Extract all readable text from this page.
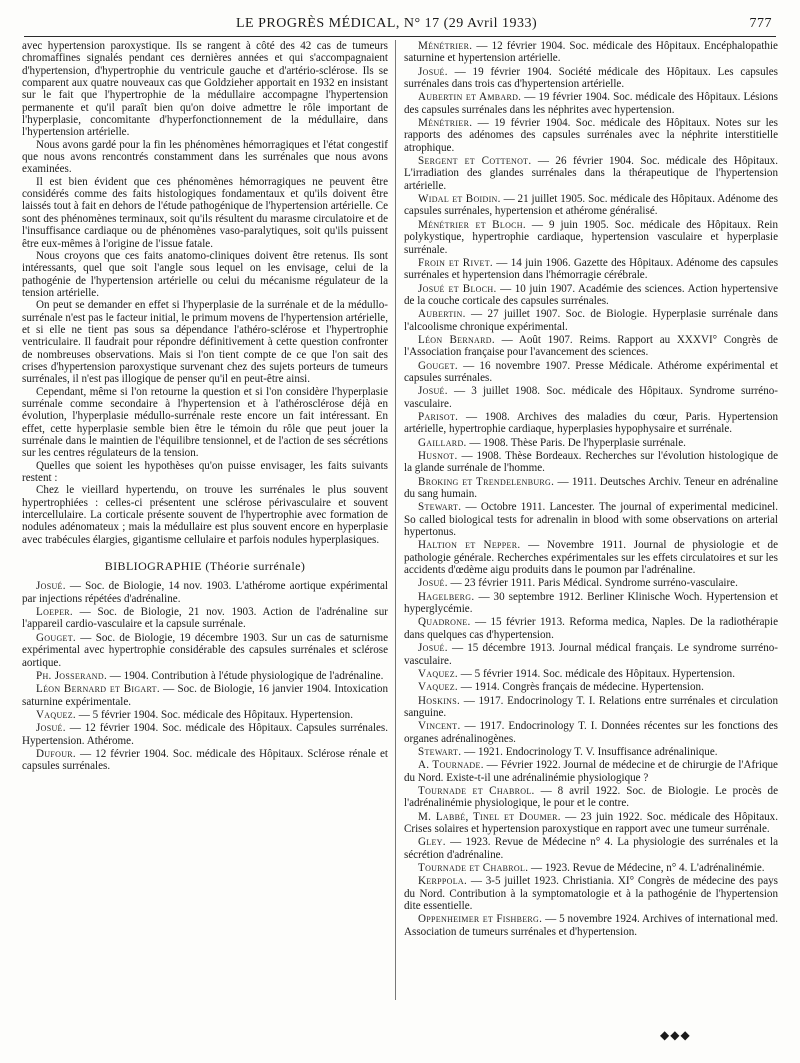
LE PROGRÈS MÉDICAL, N° 17 (29 Avril 1933)	777

avec hypertension paroxystique. Ils se rangent à côté des 42 cas de tumeurs chromaffines signalés pendant ces dernières années et qui s'accompagnaient d'hypertension, d'hypertrophie du ventricule gauche et d'artério-sclérose. Ils se comparent aux quatre nouveaux cas que Goldzieher apportait en 1932 en insistant sur le fait que l'hypertrophie de la médullaire accompagne l'hypertension permanente et qu'il paraît bien qu'on doive admettre le rôle important de l'hyperplasie, concomitante d'hyperfonctionnement de la médullaire, dans l'hypertension artérielle.

Nous avons gardé pour la fin les phénomènes hémorragiques et l'état congestif que nous avons rencontrés constamment dans les surrénales que nous avons examinées.

Il est bien évident que ces phénomènes hémorragiques ne peuvent être considérés comme des faits histologiques fondamentaux et qu'ils doivent être laissés tout à fait en dehors de l'étude pathogénique de l'hypertension artérielle. Ce sont des phénomènes terminaux, soit qu'ils résultent du marasme circulatoire et de l'insuffisance cardiaque ou de phénomènes vaso-paralytiques, soit qu'ils puissent être eux-mêmes à l'origine de l'issue fatale.

Nous croyons que ces faits anatomo-cliniques doivent être retenus. Ils sont intéressants, quel que soit l'angle sous lequel on les envisage, celui de la pathogénie de l'hypertension artérielle ou celui du mécanisme régulateur de la tension artérielle.

On peut se demander en effet si l'hyperplasie de la surrénale et de la médullo-surrénale n'est pas le facteur initial, le primum movens de l'hypertension artérielle, et si elle ne tient pas sous sa dépendance l'athéro-sclérose et l'hypertrophie ventriculaire. Il faudrait pour répondre définitivement à cette question confronter de nombreuses observations. Mais si l'on tient compte de ce que l'on sait des crises d'hypertension paroxystique survenant chez des sujets porteurs de tumeurs surrénales, il n'est pas illogique de penser qu'il en peut-être ainsi.

Cependant, même si l'on retourne la question et si l'on considère l'hyperplasie surrénale comme secondaire à l'hypertension et à l'athérosclérose déjà en évolution, l'hyperplasie médullo-surrénale reste encore un fait intéressant. En effet, cette hyperplasie semble bien être le témoin du rôle que peut jouer la surrénale dans le maintien de l'équilibre tensionnel, et de l'action de ses sécrétions sur les centres régulateurs de la tension.

Quelles que soient les hypothèses qu'on puisse envisager, les faits suivants restent :

Chez le vieillard hypertendu, on trouve les surrénales le plus souvent hypertrophiées : celles-ci présentent une sclérose périvasculaire et souvent intercellulaire. La corticale présente souvent de l'hypertrophie avec formation de nodules adénomateux ; mais la médullaire est plus souvent encore en hyperplasie avec trabécules élargies, gigantisme cellulaire et parfois nodules hyperplasiques.

BIBLIOGRAPHIE (Théorie surrénale)

Josué. — Soc. de Biologie, 14 nov. 1903. L'athérome aortique expérimental par injections répétées d'adrénaline.

Loeper. — Soc. de Biologie, 21 nov. 1903. Action de l'adrénaline sur l'appareil cardio-vasculaire et la capsule surrénale.

Gouget. — Soc. de Biologie, 19 décembre 1903. Sur un cas de saturnisme expérimental avec hypertrophie considérable des capsules surrénales et sclérose aortique.

Ph. Josserand. — 1904. Contribution à l'étude physiologique de l'adrénaline.

Léon Bernard et Bigart. — Soc. de Biologie, 16 janvier 1904. Intoxication saturnine expérimentale.

Vaquez. — 5 février 1904. Soc. médicale des Hôpitaux. Hypertension.

Josué. — 12 février 1904. Soc. médicale des Hôpitaux. Capsules surrénales. Hypertension. Athérome.

Dufour. — 12 février 1904. Soc. médicale des Hôpitaux. Sclérose rénale et capsules surrénales.

Ménétrier. — 12 février 1904. Soc. médicale des Hôpitaux. Encéphalopathie saturnine et hypertension artérielle.

Josué. — 19 février 1904. Société médicale des Hôpitaux. Les capsules surrénales dans trois cas d'hypertension artérielle.

Aubertin et Ambard. — 19 février 1904. Soc. médicale des Hôpitaux. Lésions des capsules surrénales dans les néphrites avec hypertension.

Ménétrier. — 19 février 1904. Soc. médicale des Hôpitaux. Notes sur les rapports des adénomes des capsules surrénales avec la néphrite interstitielle atrophique.

Sergent et Cottenot. — 26 février 1904. Soc. médicale des Hôpitaux. L'irradiation des glandes surrénales dans la thérapeutique de l'hypertension artérielle.

Widal et Boidin. — 21 juillet 1905. Soc. médicale des Hôpitaux. Adénome des capsules surrénales, hypertension et athérome généralisé.

Ménétrier et Bloch. — 9 juin 1905. Soc. médicale des Hôpitaux. Rein polykystique, hypertrophie cardiaque, hypertension vasculaire et hyperplasie surrénale.

Froin et Rivet. — 14 juin 1906. Gazette des Hôpitaux. Adénome des capsules surrénales et hypertension dans l'hémorragie cérébrale.

Josué et Bloch. — 10 juin 1907. Académie des sciences. Action hypertensive de la couche corticale des capsules surrénales.

Aubertin. — 27 juillet 1907. Soc. de Biologie. Hyperplasie surrénale dans l'alcoolisme chronique expérimental.

Léon Bernard. — Août 1907. Reims. Rapport au XXXVI° Congrès de l'Association française pour l'avancement des sciences.

Gouget. — 16 novembre 1907. Presse Médicale. Athérome expérimental et capsules surrénales.

Josué. — 3 juillet 1908. Soc. médicale des Hôpitaux. Syndrome surréno-vasculaire.

Parisot. — 1908. Archives des maladies du cœur, Paris. Hypertension artérielle, hypertrophie cardiaque, hyperplasies hypophysaire et surrénale.

Gaillard. — 1908. Thèse Paris. De l'hyperplasie surrénale.

Husnot. — 1908. Thèse Bordeaux. Recherches sur l'évolution histologique de la glande surrénale de l'homme.

Broking et Trendelenburg. — 1911. Deutsches Archiv. Teneur en adrénaline du sang humain.

Stewart. — Octobre 1911. Lancester. The journal of experimental medicinel. So called biological tests for adrenalin in blood with some observations on arterial hypertonus.

Haltion et Nepper. — Novembre 1911. Journal de physiologie et de pathologie générale. Recherches expérimentales sur les effets circulatoires et sur les accidents d'œdème aigu produits dans le poumon par l'adrénaline.

Josué. — 23 février 1911. Paris Médical. Syndrome surréno-vasculaire.

Hagelberg. — 30 septembre 1912. Berliner Klinische Woch. Hypertension et hyperglycémie.

Quadrone. — 15 février 1913. Reforma medica, Naples. De la radiothérapie dans quelques cas d'hypertension.

Josué. — 15 décembre 1913. Journal médical français. Le syndrome surréno-vasculaire.

Vaquez. — 5 février 1914. Soc. médicale des Hôpitaux. Hypertension.

Vaquez. — 1914. Congrès français de médecine. Hypertension.

Hoskins. — 1917. Endocrinology T. I. Relations entre surrénales et circulation sanguine.

Vincent. — 1917. Endocrinology T. I. Données récentes sur les fonctions des organes adrénalinogènes.

Stewart. — 1921. Endocrinology T. V. Insuffisance adrénalinique.

A. Tournade. — Février 1922. Journal de médecine et de chirurgie de l'Afrique du Nord. Existe-t-il une adrénalinémie physiologique ?

Tournade et Chabrol. — 8 avril 1922. Soc. de Biologie. Le procès de l'adrénalinémie physiologique, le pour et le contre.

M. Labbé, Tinel et Doumer. — 23 juin 1922. Soc. médicale des Hôpitaux. Crises solaires et hypertension paroxystique en rapport avec une tumeur surrénale.

Gley. — 1923. Revue de Médecine n° 4. La physiologie des surrénales et la sécrétion d'adrénaline.

Tournade et Chabrol. — 1923. Revue de Médecine, n° 4. L'adrénalinémie.

Kerppola. — 3-5 juillet 1923. Christiania. XI° Congrès de médecine des pays du Nord. Contribution à la symptomatologie et à la pathogénie de l'hypertension dite essentielle.

Oppenheimer et Fishberg. — 5 novembre 1924. Archives of international med. Association de tumeurs surrénales et d'hypertension.

◆◆◆
